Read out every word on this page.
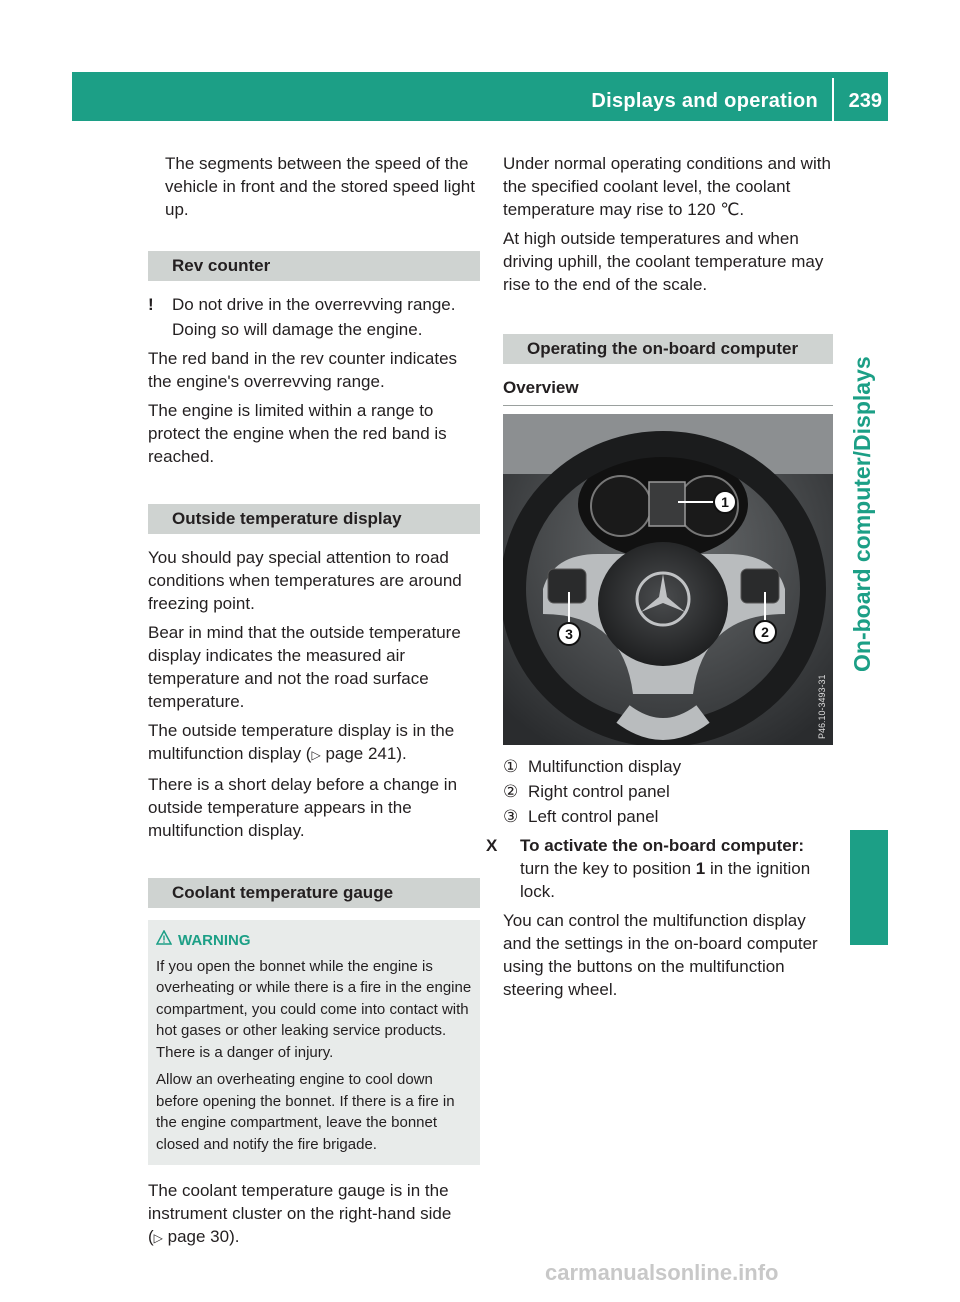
Displays and operation 239
On-board computer/Displays

The segments between the speed of the vehicle in front and the stored speed light up.

Rev counter

! Do not drive in the overrevving range.

Doing so will damage the engine.

The red band in the rev counter indicates the engine's overrevving range.

The engine is limited within a range to protect the engine when the red band is reached.

Outside temperature display

You should pay special attention to road conditions when temperatures are around freezing point.

Bear in mind that the outside temperature display indicates the measured air temperature and not the road surface temperature.

The outside temperature display is in the multifunction display (▷ page 241).

There is a short delay before a change in outside temperature appears in the multifunction display.

Coolant temperature gauge
WARNING

If you open the bonnet while the engine is overheating or while there is a fire in the engine compartment, you could come into contact with hot gases or other leaking service products. There is a danger of injury.

Allow an overheating engine to cool down before opening the bonnet. If there is a fire in the engine compartment, leave the bonnet closed and notify the fire brigade.

The coolant temperature gauge is in the instrument cluster on the right-hand side (▷ page 30).

Under normal operating conditions and with the specified coolant level, the coolant temperature may rise to 120 ℃.

At high outside temperatures and when driving uphill, the coolant temperature may rise to the end of the scale.

Operating the on-board computer

Overview

1
2
3
P46.10-3493-31
① Multifunction display
② Right control panel
③ Left control panel

X To activate the on-board computer: turn the key to position 1 in the ignition lock.

You can control the multifunction display and the settings in the on-board computer using the buttons on the multifunction steering wheel.

carmanualsonline.info
